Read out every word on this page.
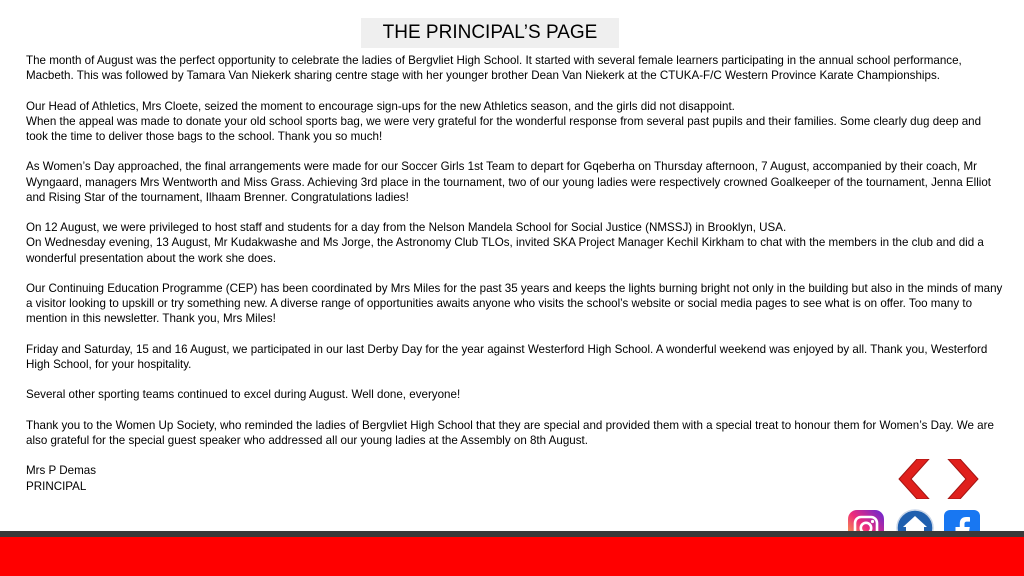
THE PRINCIPAL’S PAGE

The month of August was the perfect opportunity to celebrate the ladies of Bergvliet High School. It started with several female learners participating in the annual school performance, Macbeth. This was followed by Tamara Van Niekerk sharing centre stage with her younger brother Dean Van Niekerk at the CTUKA-F/C Western Province Karate Championships.

Our Head of Athletics, Mrs Cloete, seized the moment to encourage sign-ups for the new Athletics season, and the girls did not disappoint.
When the appeal was made to donate your old school sports bag, we were very grateful for the wonderful response from several past pupils and their families. Some clearly dug deep and took the time to deliver those bags to the school. Thank you so much!

As Women’s Day approached, the final arrangements were made for our Soccer Girls 1st Team to depart for Gqeberha on Thursday afternoon, 7 August, accompanied by their coach, Mr Wyngaard, managers Mrs Wentworth and Miss Grass. Achieving 3rd place in the tournament, two of our young ladies were respectively crowned Goalkeeper of the tournament, Jenna Elliot and Rising Star of the tournament, Ilhaam Brenner. Congratulations ladies!

On 12 August, we were privileged to host staff and students for a day from the Nelson Mandela School for Social Justice (NMSSJ) in Brooklyn, USA.
On Wednesday evening, 13 August, Mr Kudakwashe and Ms Jorge, the Astronomy Club TLOs, invited SKA Project Manager Kechil Kirkham to chat with the members in the club and did a wonderful presentation about the work she does.

Our Continuing Education Programme (CEP) has been coordinated by Mrs Miles for the past 35 years and keeps the lights burning bright not only in the building but also in the minds of many a visitor looking to upskill or try something new. A diverse range of opportunities awaits anyone who visits the school’s website or social media pages to see what is on offer. Too many to mention in this newsletter. Thank you, Mrs Miles!

Friday and Saturday, 15 and 16 August, we participated in our last Derby Day for the year against Westerford High School. A wonderful weekend was enjoyed by all. Thank you, Westerford High School, for your hospitality.

Several other sporting teams continued to excel during August. Well done, everyone!

Thank you to the Women Up Society, who reminded the ladies of Bergvliet High School that they are special and provided them with a special treat to honour them for Women’s Day. We are also grateful for the special guest speaker who addressed all our young ladies at the Assembly on 8th August.

Mrs P Demas

PRINCIPAL
